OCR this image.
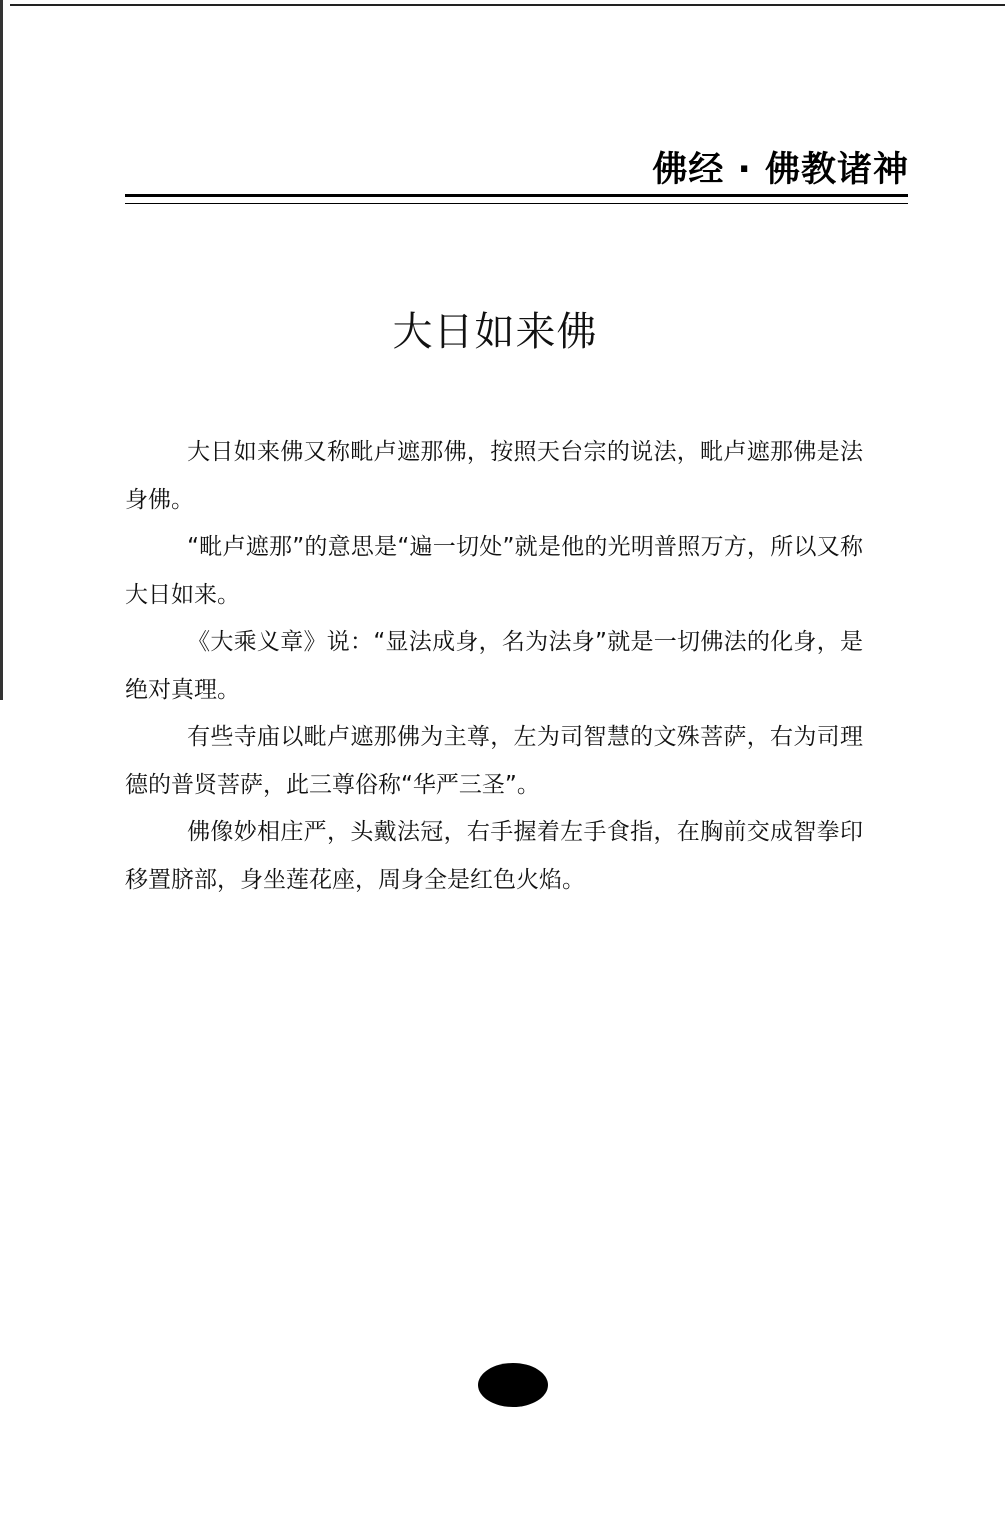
佛经 · 佛教诸神
大日如来佛

大日如来佛又称毗卢遮那佛，按照天台宗的说法，毗卢遮那佛是法身佛。

“毗卢遮那”的意思是“遍一切处”就是他的光明普照万方，所以又称大日如来。

《大乘义章》说：“显法成身，名为法身”就是一切佛法的化身，是绝对真理。

有些寺庙以毗卢遮那佛为主尊，左为司智慧的文殊菩萨，右为司理德的普贤菩萨，此三尊俗称“华严三圣”。

佛像妙相庄严，头戴法冠，右手握着左手食指，在胸前交成智拳印移置脐部，身坐莲花座，周身全是红色火焰。
